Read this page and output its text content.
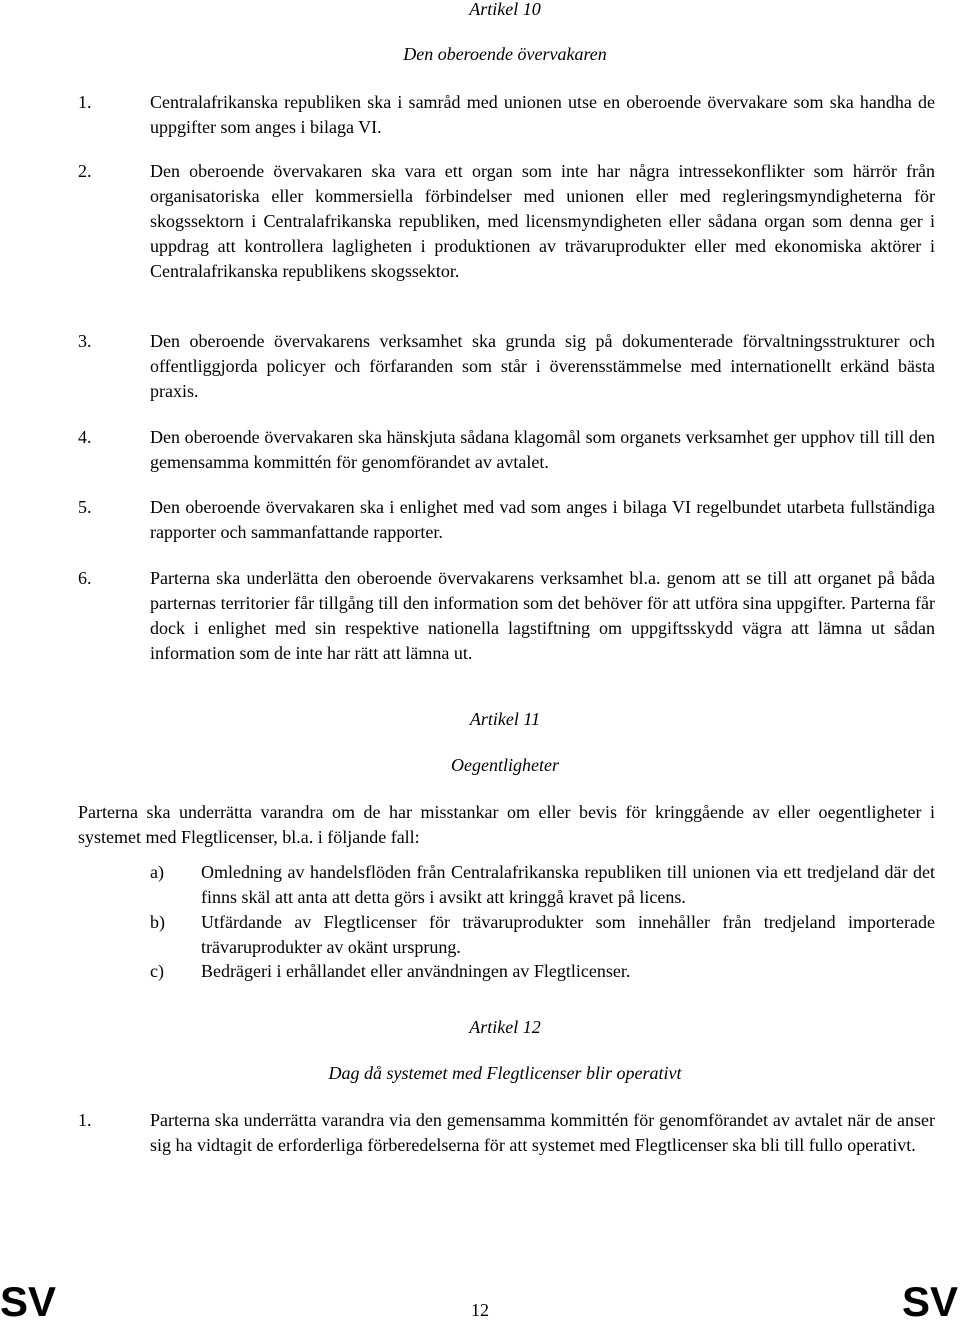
Artikel 10
Den oberoende övervakaren
1.	Centralafrikanska republiken ska i samråd med unionen utse en oberoende övervakare som ska handha de uppgifter som anges i bilaga VI.
2.	Den oberoende övervakaren ska vara ett organ som inte har några intressekonflikter som härrör från organisatoriska eller kommersiella förbindelser med unionen eller med regleringsmyndigheterna för skogssektorn i Centralafrikanska republiken, med licensmyndigheten eller sådana organ som denna ger i uppdrag att kontrollera lagligheten i produktionen av trävaruprodukter eller med ekonomiska aktörer i Centralafrikanska republikens skogssektor.
3.	Den oberoende övervakarens verksamhet ska grunda sig på dokumenterade förvaltningsstrukturer och offentliggjorda policyer och förfaranden som står i överensstämmelse med internationellt erkänd bästa praxis.
4.	Den oberoende övervakaren ska hänskjuta sådana klagomål som organets verksamhet ger upphov till till den gemensamma kommittén för genomförandet av avtalet.
5.	Den oberoende övervakaren ska i enlighet med vad som anges i bilaga VI regelbundet utarbeta fullständiga rapporter och sammanfattande rapporter.
6.	Parterna ska underlätta den oberoende övervakarens verksamhet bl.a. genom att se till att organet på båda parternas territorier får tillgång till den information som det behöver för att utföra sina uppgifter. Parterna får dock i enlighet med sin respektive nationella lagstiftning om uppgiftsskydd vägra att lämna ut sådan information som de inte har rätt att lämna ut.
Artikel 11
Oegentligheter
Parterna ska underrätta varandra om de har misstankar om eller bevis för kringgående av eller oegentligheter i systemet med Flegtlicenser, bl.a. i följande fall:
a) Omledning av handelsflöden från Centralafrikanska republiken till unionen via ett tredjeland där det finns skäl att anta att detta görs i avsikt att kringgå kravet på licens.
b) Utfärdande av Flegtlicenser för trävaruprodukter som innehåller från tredjeland importerade trävaruprodukter av okänt ursprung.
c) Bedrägeri i erhållandet eller användningen av Flegtlicenser.
Artikel 12
Dag då systemet med Flegtlicenser blir operativt
1.	Parterna ska underrätta varandra via den gemensamma kommittén för genomförandet av avtalet när de anser sig ha vidtagit de erforderliga förberedelserna för att systemet med Flegtlicenser ska bli till fullo operativt.
SV	12	SV
